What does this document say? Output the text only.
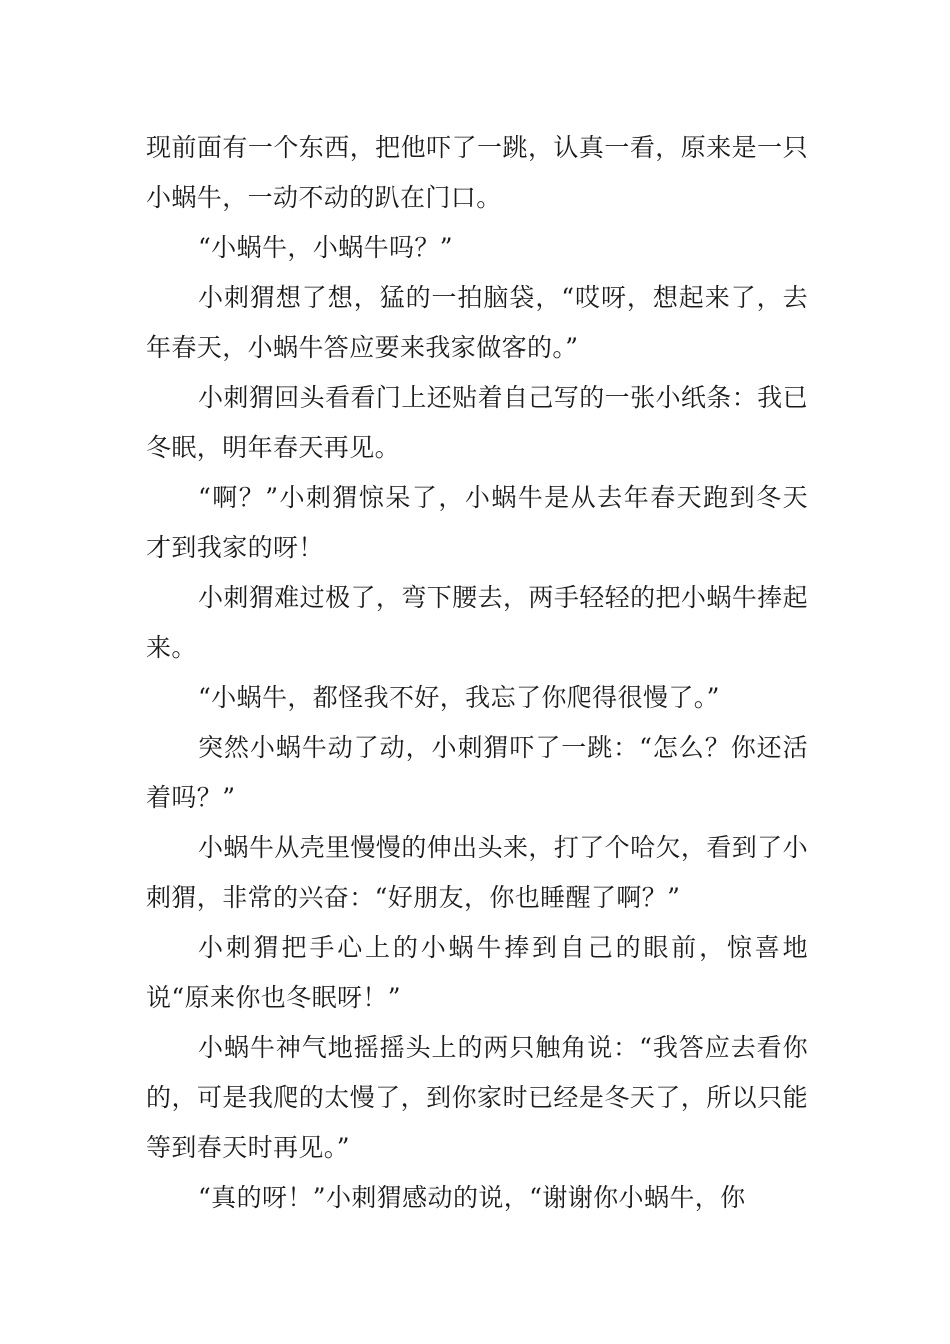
现前面有一个东西，把他吓了一跳，认真一看，原来是一只小蜗牛，一动不动的趴在门口。

“小蜗牛，小蜗牛吗？”

小刺猬想了想，猛的一拍脑袋，“哎呀，想起来了，去年春天，小蜗牛答应要来我家做客的。”

小刺猬回头看看门上还贴着自己写的一张小纸条：我已冬眠，明年春天再见。

“啊？”小刺猬惊呆了，小蜗牛是从去年春天跑到冬天才到我家的呀！

小刺猬难过极了，弯下腰去，两手轻轻的把小蜗牛捧起来。

“小蜗牛，都怪我不好，我忘了你爬得很慢了。”

突然小蜗牛动了动，小刺猬吓了一跳：“怎么？你还活着吗？”

小蜗牛从壳里慢慢的伸出头来，打了个哈欠，看到了小刺猬，非常的兴奋：“好朋友，你也睡醒了啊？”

小刺猬把手心上的小蜗牛捧到自己的眼前，惊喜地说“原来你也冬眠呀！”

小蜗牛神气地摇摇头上的两只触角说：“我答应去看你的，可是我爬的太慢了，到你家时已经是冬天了，所以只能等到春天时再见。”

“真的呀！”小刺猬感动的说，“谢谢你小蜗牛，你
